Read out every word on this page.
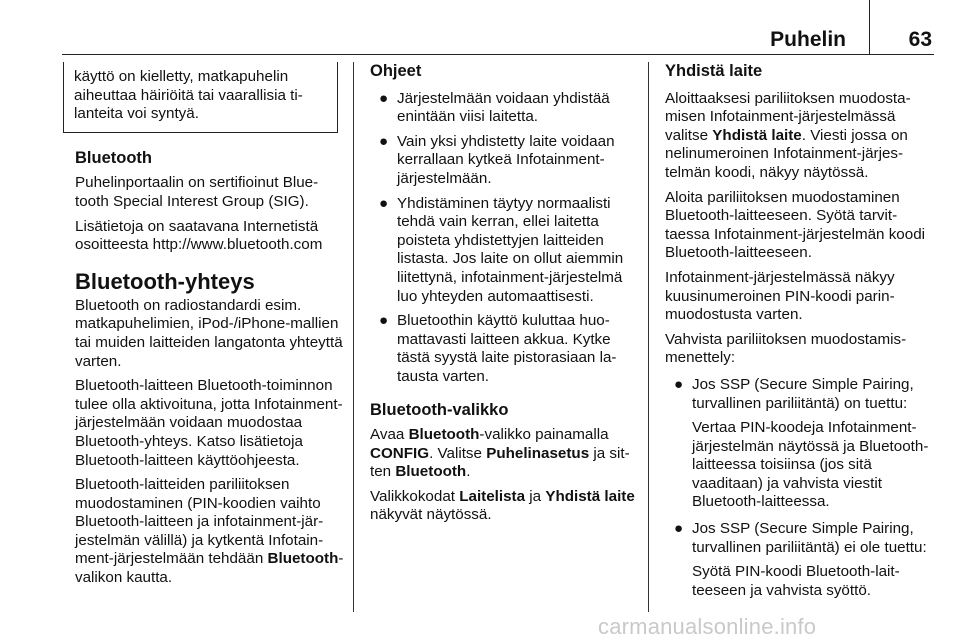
Puhelin	63
käyttö on kielletty, matkapuhelin aiheuttaa häiriöitä tai vaarallisia tilanteita voi syntyä.
Bluetooth

Puhelinportaalin on sertifioinut Bluetooth Special Interest Group (SIG).

Lisätietoja on saatavana Internetistä osoitteesta http://www.bluetooth.com

Bluetooth-yhteys

Bluetooth on radiostandardi esim. matkapuhelimien, iPod-/iPhone-mallien tai muiden laitteiden langatonta yhteyttä varten.

Bluetooth-laitteen Bluetooth-toiminnon tulee olla aktivoituna, jotta Infotainment-järjestelmään voidaan muodostaa Bluetooth-yhteys. Katso lisätietoja Bluetooth-laitteen käyttöohjeesta.

Bluetooth-laitteiden pariliitoksen muodostaminen (PIN-koodien vaihto Bluetooth-laitteen ja infotainment-järjestelmän välillä) ja kytkentä Infotainment-järjestelmään tehdään Bluetooth-valikon kautta.

Ohjeet
● Järjestelmään voidaan yhdistää enintään viisi laitetta.
● Vain yksi yhdistetty laite voidaan kerrallaan kytkeä Infotainment-järjestelmään.
● Yhdistäminen täytyy normaalisti tehdä vain kerran, ellei laitetta poisteta yhdistettyjen laitteiden listasta. Jos laite on ollut aiemmin liitettynä, infotainment-järjestelmä luo yhteyden automaattisesti.
● Bluetoothin käyttö kuluttaa huomattavasti laitteen akkua. Kytke tästä syystä laite pistorasiaan latausta varten.
Bluetooth-valikko

Avaa Bluetooth-valikko painamalla CONFIG. Valitse Puhelinasetus ja sitten Bluetooth.

Valikkokodat Laitelista ja Yhdistä laite näkyvät näytössä.

Yhdistä laite

Aloittaaksesi pariliitoksen muodostamisen Infotainment-järjestelmässä valitse Yhdistä laite. Viesti jossa on nelinumeroinen Infotainment-järjestelmän koodi, näkyy näytössä.

Aloita pariliitoksen muodostaminen Bluetooth-laitteeseen. Syötä tarvittaessa Infotainment-järjestelmän koodi Bluetooth-laitteeseen.

Infotainment-järjestelmässä näkyy kuusinumeroinen PIN-koodi parinmuodostusta varten.

Vahvista pariliitoksen muodostamismenettely:

● Jos SSP (Secure Simple Pairing, turvallinen pariliitäntä) on tuettu:
Vertaa PIN-koodeja Infotainment-järjestelmän näytössä ja Bluetooth-laitteessa toisiinsa (jos sitä vaaditaan) ja vahvista viestit Bluetooth-laitteessa.
● Jos SSP (Secure Simple Pairing, turvallinen pariliitäntä) ei ole tuettu:
Syötä PIN-koodi Bluetooth-laitteeseen ja vahvista syöttö.
carmanualsonline.info
